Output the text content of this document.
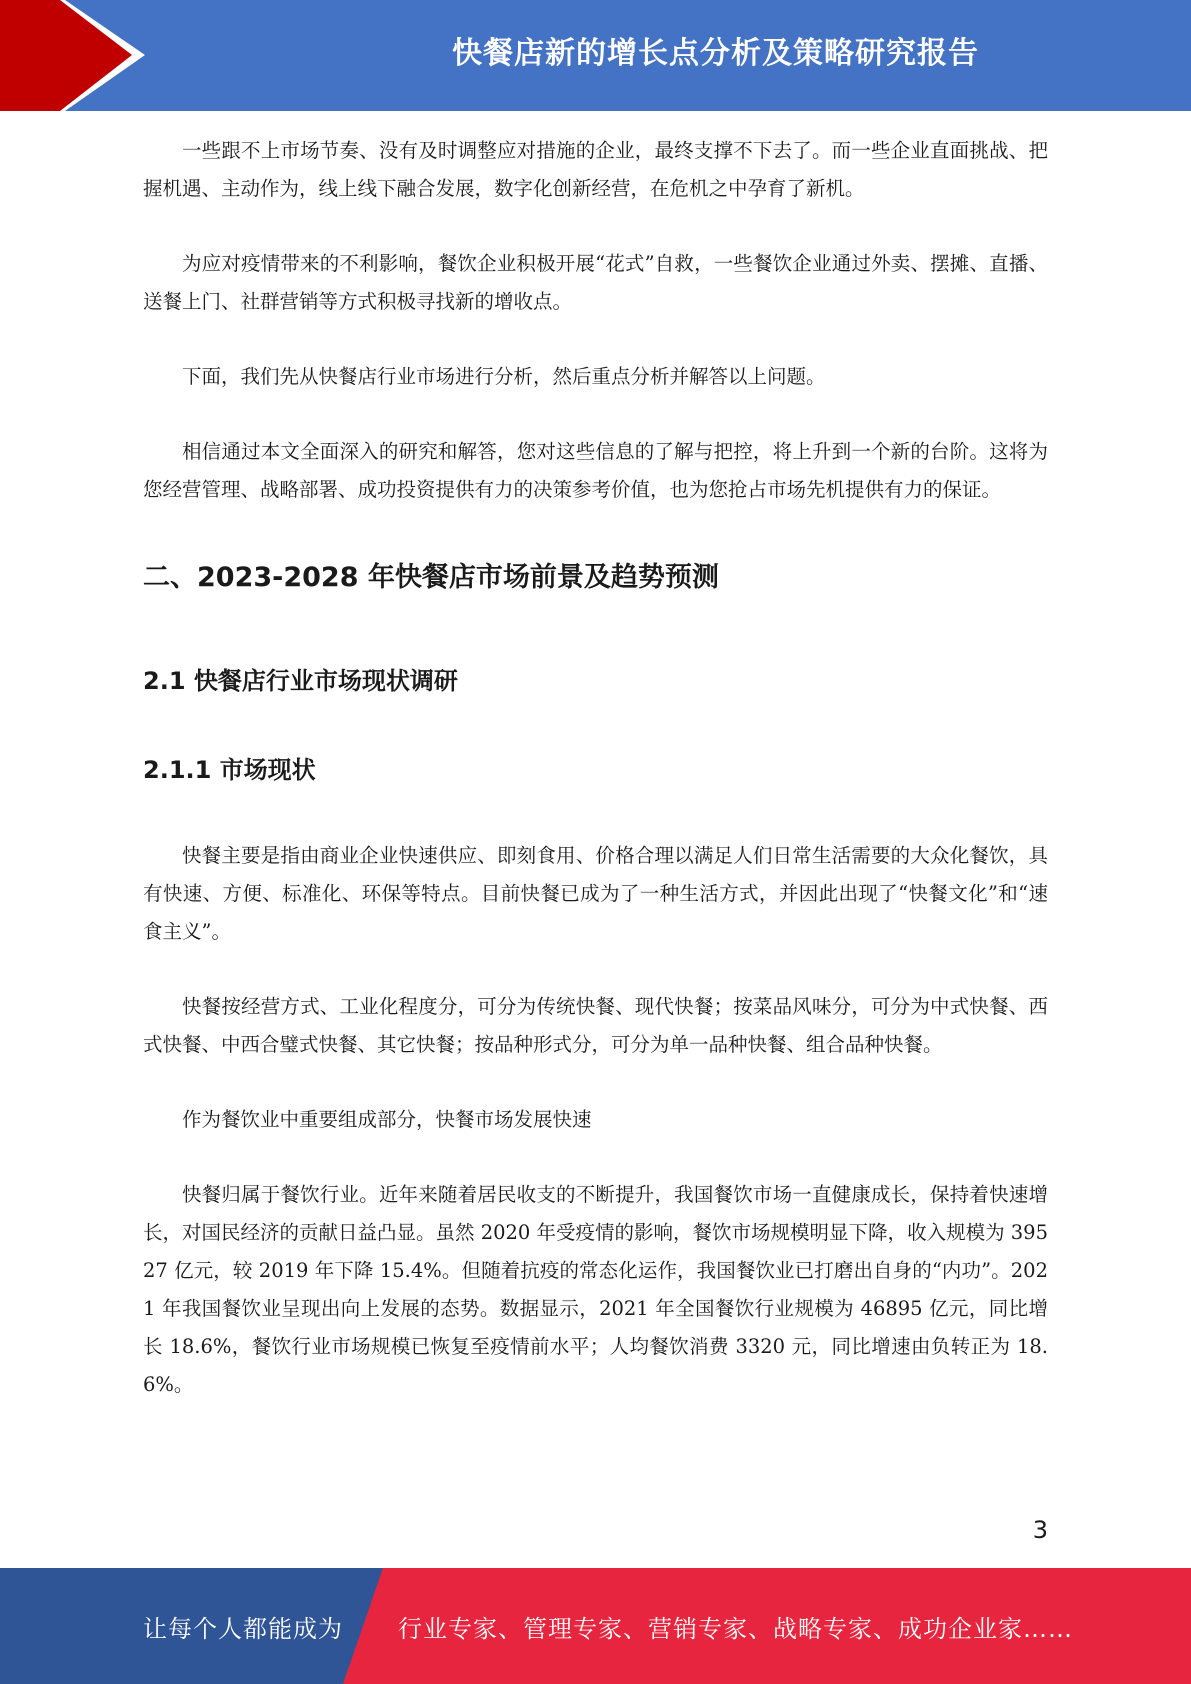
快餐店新的增长点分析及策略研究报告

一些跟不上市场节奏、没有及时调整应对措施的企业，最终支撑不下去了。而一些企业直面挑战、把握机遇、主动作为，线上线下融合发展，数字化创新经营，在危机之中孕育了新机。

为应对疫情带来的不利影响，餐饮企业积极开展“花式”自救，一些餐饮企业通过外卖、摆摊、直播、送餐上门、社群营销等方式积极寻找新的增收点。

下面，我们先从快餐店行业市场进行分析，然后重点分析并解答以上问题。

相信通过本文全面深入的研究和解答，您对这些信息的了解与把控，将上升到一个新的台阶。这将为您经营管理、战略部署、成功投资提供有力的决策参考价值，也为您抢占市场先机提供有力的保证。

二、2023-2028 年快餐店市场前景及趋势预测
2.1 快餐店行业市场现状调研
2.1.1 市场现状

快餐主要是指由商业企业快速供应、即刻食用、价格合理以满足人们日常生活需要的大众化餐饮，具有快速、方便、标准化、环保等特点。目前快餐已成为了一种生活方式，并因此出现了“快餐文化”和“速食主义”。

快餐按经营方式、工业化程度分，可分为传统快餐、现代快餐；按菜品风味分，可分为中式快餐、西式快餐、中西合璧式快餐、其它快餐；按品种形式分，可分为单一品种快餐、组合品种快餐。

作为餐饮业中重要组成部分，快餐市场发展快速

快餐归属于餐饮行业。近年来随着居民收支的不断提升，我国餐饮市场一直健康成长，保持着快速增长，对国民经济的贡献日益凸显。虽然 2020 年受疫情的影响，餐饮市场规模明显下降，收入规模为 39527 亿元，较 2019 年下降 15.4%。但随着抗疫的常态化运作，我国餐饮业已打磨出自身的“内功”。2021 年我国餐饮业呈现出向上发展的态势。数据显示，2021 年全国餐饮行业规模为 46895 亿元，同比增长 18.6%，餐饮行业市场规模已恢复至疫情前水平；人均餐饮消费 3320 元，同比增速由负转正为 18.6%。

3
让每个人都能成为 行业专家、管理专家、营销专家、战略专家、成功企业家……
